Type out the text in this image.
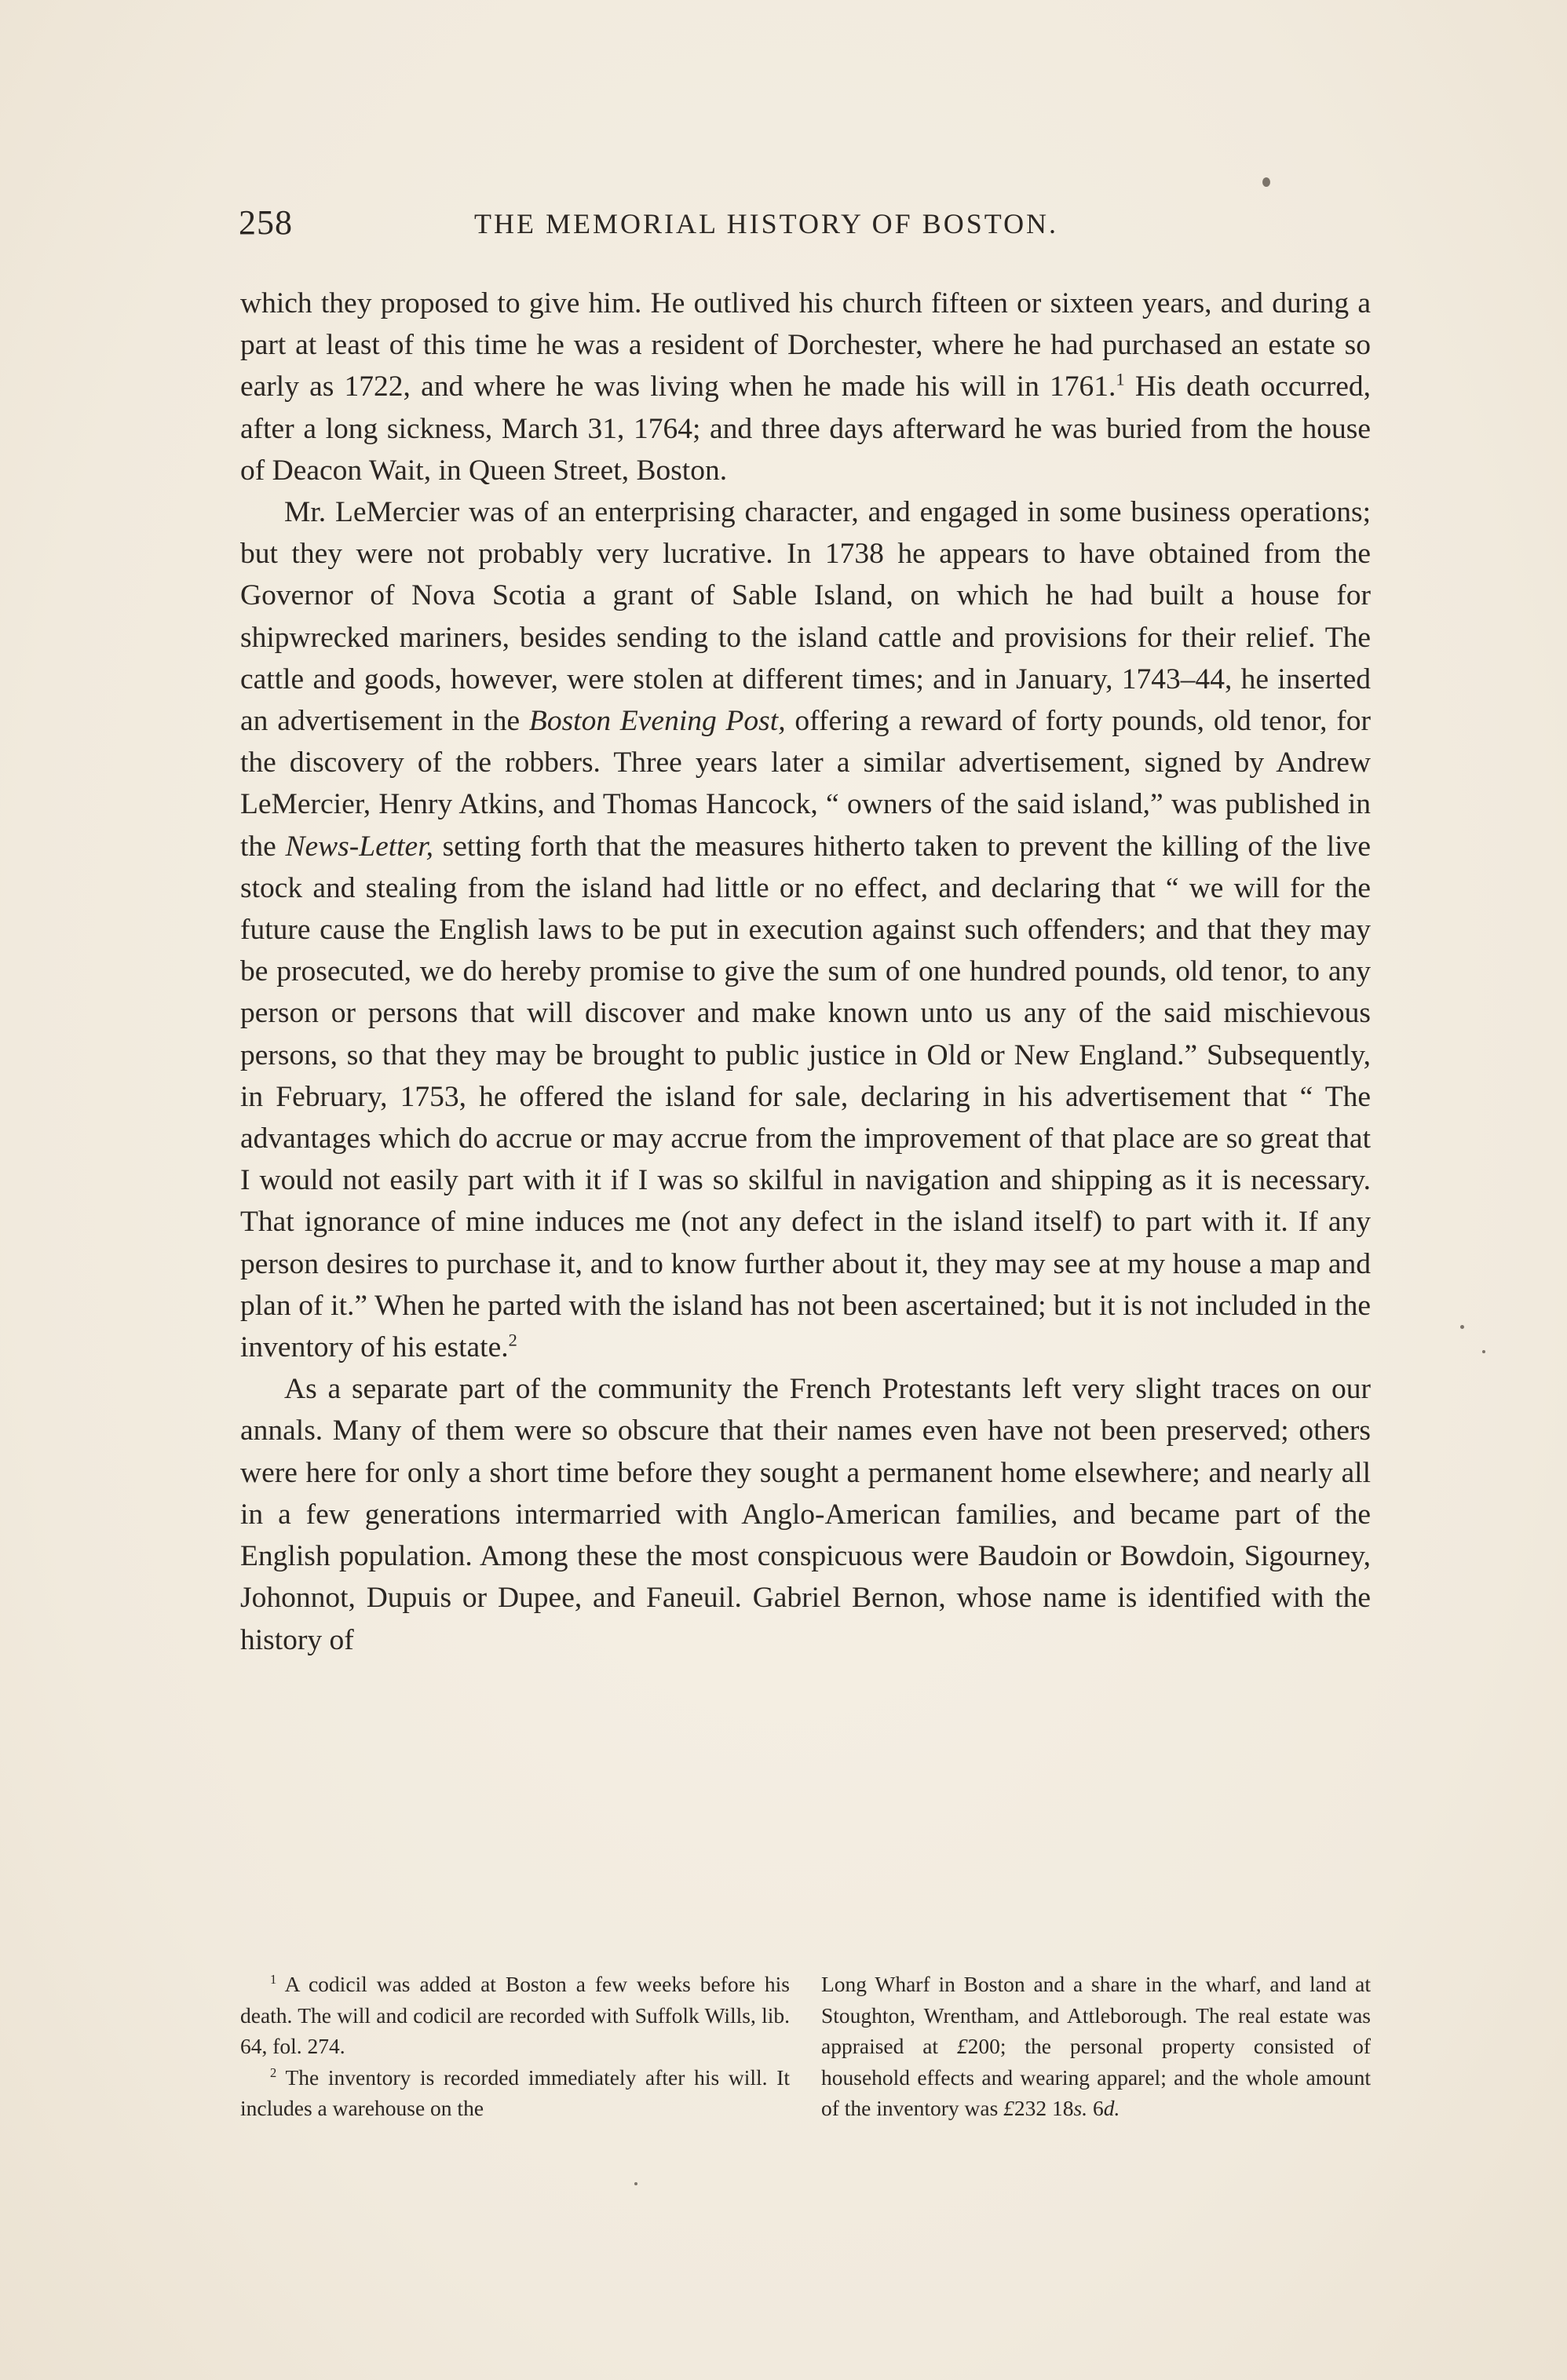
258	THE MEMORIAL HISTORY OF BOSTON.

which they proposed to give him. He outlived his church fifteen or sixteen years, and during a part at least of this time he was a resident of Dorchester, where he had purchased an estate so early as 1722, and where he was living when he made his will in 1761.$^1$ His death occurred, after a long sickness, March 31, 1764; and three days afterward he was buried from the house of Deacon Wait, in Queen Street, Boston.

Mr. LeMercier was of an enterprising character, and engaged in some business operations; but they were not probably very lucrative. In 1738 he appears to have obtained from the Governor of Nova Scotia a grant of Sable Island, on which he had built a house for shipwrecked mariners, besides sending to the island cattle and provisions for their relief. The cattle and goods, however, were stolen at different times; and in January, 1743–44, he inserted an advertisement in the Boston Evening Post, offering a reward of forty pounds, old tenor, for the discovery of the robbers. Three years later a similar advertisement, signed by Andrew LeMercier, Henry Atkins, and Thomas Hancock, “ owners of the said island,” was published in the News-Letter, setting forth that the measures hitherto taken to prevent the killing of the live stock and stealing from the island had little or no effect, and declaring that “ we will for the future cause the English laws to be put in execution against such offenders; and that they may be prosecuted, we do hereby promise to give the sum of one hundred pounds, old tenor, to any person or persons that will discover and make known unto us any of the said mischievous persons, so that they may be brought to public justice in Old or New England.” Subsequently, in February, 1753, he offered the island for sale, declaring in his advertisement that “ The advantages which do accrue or may accrue from the improvement of that place are so great that I would not easily part with it if I was so skilful in navigation and shipping as it is necessary. That ignorance of mine induces me (not any defect in the island itself) to part with it. If any person desires to purchase it, and to know further about it, they may see at my house a map and plan of it.” When he parted with the island has not been ascertained; but it is not included in the inventory of his estate.$^2$

As a separate part of the community the French Protestants left very slight traces on our annals. Many of them were so obscure that their names even have not been preserved; others were here for only a short time before they sought a permanent home elsewhere; and nearly all in a few generations intermarried with Anglo-American families, and became part of the English population. Among these the most conspicuous were Baudoin or Bowdoin, Sigourney, Johonnot, Dupuis or Dupee, and Faneuil. Gabriel Bernon, whose name is identified with the history of

$^1$ A codicil was added at Boston a few weeks before his death. The will and codicil are recorded with Suffolk Wills, lib. 64, fol. 274.

$^2$ The inventory is recorded immediately after his will. It includes a warehouse on the

Long Wharf in Boston and a share in the wharf, and land at Stoughton, Wrentham, and Attleborough. The real estate was appraised at £200; the personal property consisted of household effects and wearing apparel; and the whole amount of the inventory was £232 18s. 6d.
